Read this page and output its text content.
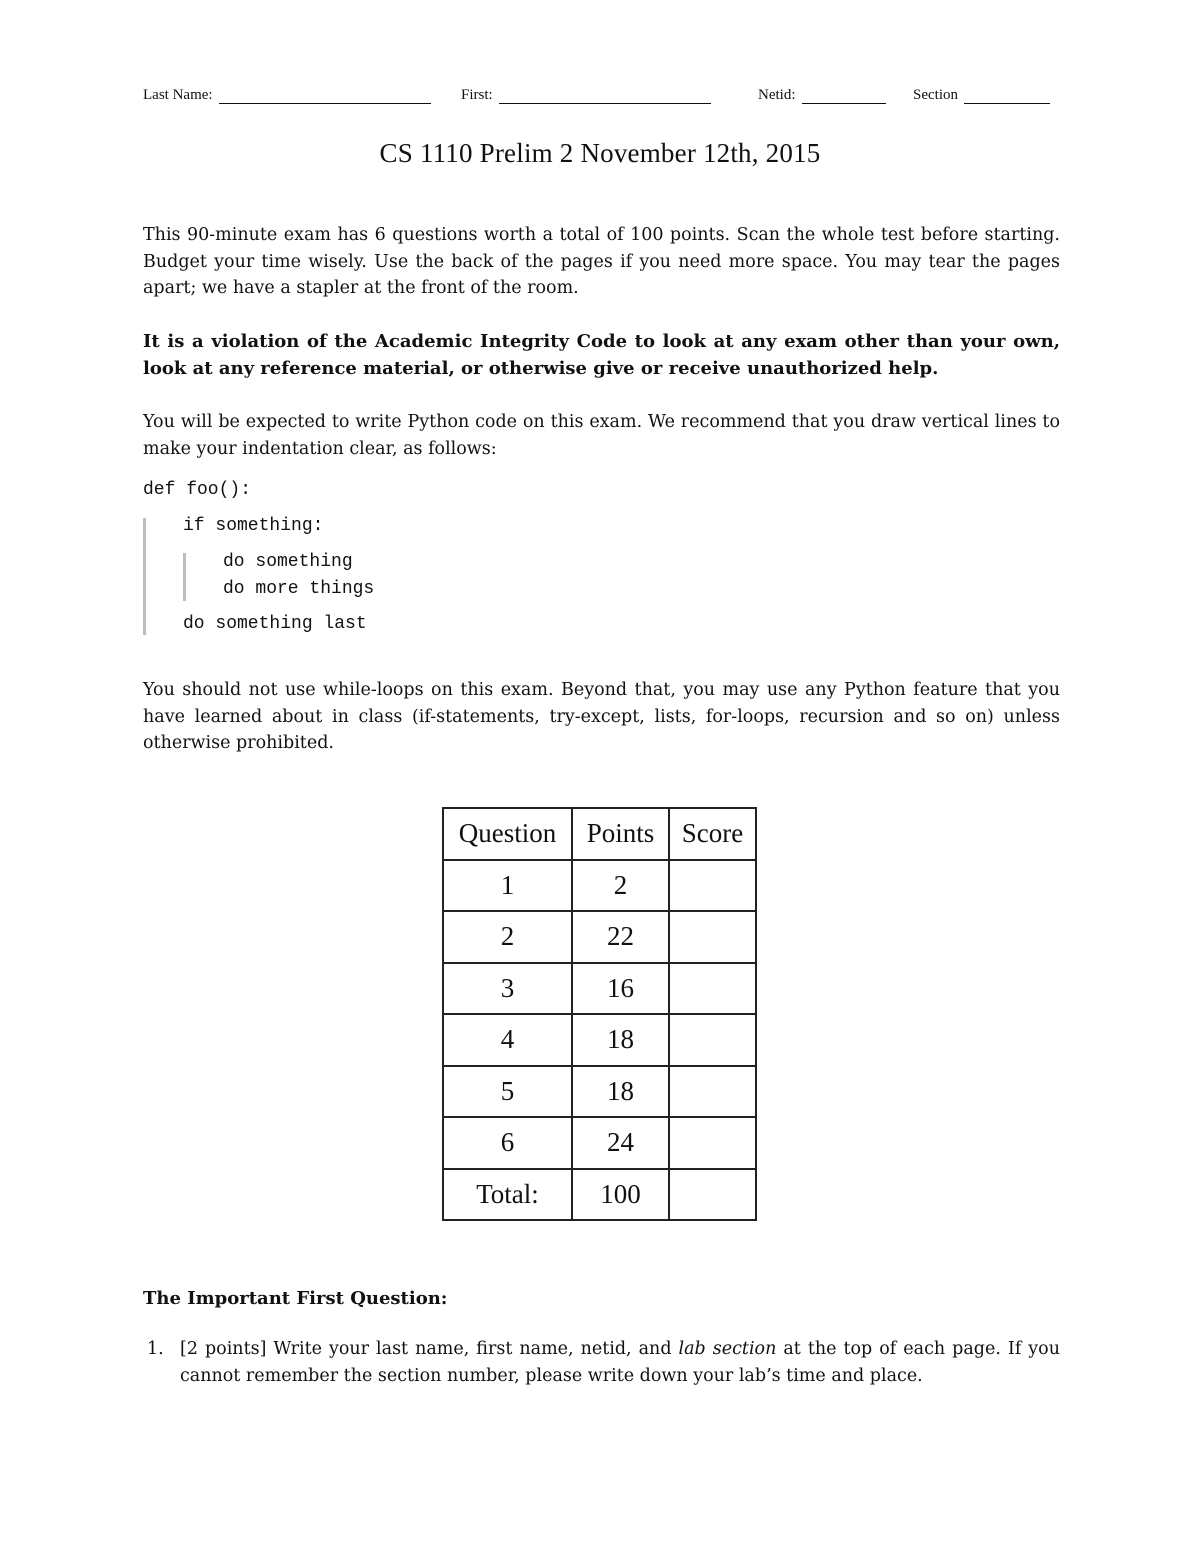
Last Name:	First:	Netid:	Section
CS 1110 Prelim 2 November 12th, 2015
This 90-minute exam has 6 questions worth a total of 100 points. Scan the whole test before starting. Budget your time wisely. Use the back of the pages if you need more space. You may tear the pages apart; we have a stapler at the front of the room.
It is a violation of the Academic Integrity Code to look at any exam other than your own, look at any reference material, or otherwise give or receive unauthorized help.
You will be expected to write Python code on this exam. We recommend that you draw vertical lines to make your indentation clear, as follows:
def foo():
if something:
do something
do more things
do something last
You should not use while-loops on this exam. Beyond that, you may use any Python feature that you have learned about in class (if-statements, try-except, lists, for-loops, recursion and so on) unless otherwise prohibited.
Question	Points	Score
1	2	
2	22	
3	16	
4	18	
5	18	
6	24	
Total:	100	
The Important First Question:
1. [2 points] Write your last name, first name, netid, and lab section at the top of each page. If you cannot remember the section number, please write down your lab’s time and place.
